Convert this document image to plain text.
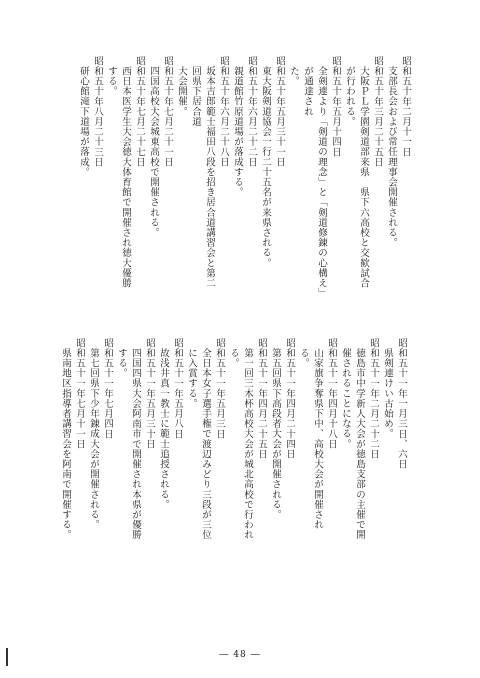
昭和五十年二月十一日
支部長会および常任理事会開催される。
昭和五十年三月二十五日
大阪ＰＬ学園剣道部来県　県下六高校と交歓試合が行われる。
昭和五十年五月十四日
全剣連より「剣道の理念」と「剣道修錬の心構え」が通達され
た。
昭和五十年五月三十一日
東大阪剣道協会一行二十五名が来県される。
昭和五十年六月二十二日
親道館竹原道場が落成する。
昭和五十年六月二十八日
坂本吉郎範士福田八段を招き居合道講習会と第二回県下居合道
大会開催。
昭和五十年七月二十一日
四国高校大会城東高校で開催される。
昭和五十年七月二十七日
西日本医学生大会徳大体育館で開催され徳大優勝する。
昭和五十年八月二十三日
研心館滝下道場が落成。
昭和五十一年一月三日、六日
県剣連けい古始め。
昭和五十一年二月二十二日
徳島市中学新人大会が徳島支部の主催で開催されることになる。
昭和五十一年四月十八日
山家旗争奪県下中、高校大会が開催される。
昭和五十一年四月二十四日
第五回県下高段者大会が開催される。
昭和五十一年四月二十五日
第一回三木杯高校大会が城北高校で行われる。
昭和五十一年五月三日
全日本女子選手権で渡辺みどり三段が三位に入賞する。
昭和五十一年五月八日
故浅井真一教士に範士追授される。
昭和五十一年五月三十日
四国四県大会阿南市で開催され本県が優勝する。
昭和五十一年七月四日
第七回県下少年錬成大会が開催される。
昭和五十一年七月十一日
県南地区指導者講習会を阿南で開催する。
― 48 ―
